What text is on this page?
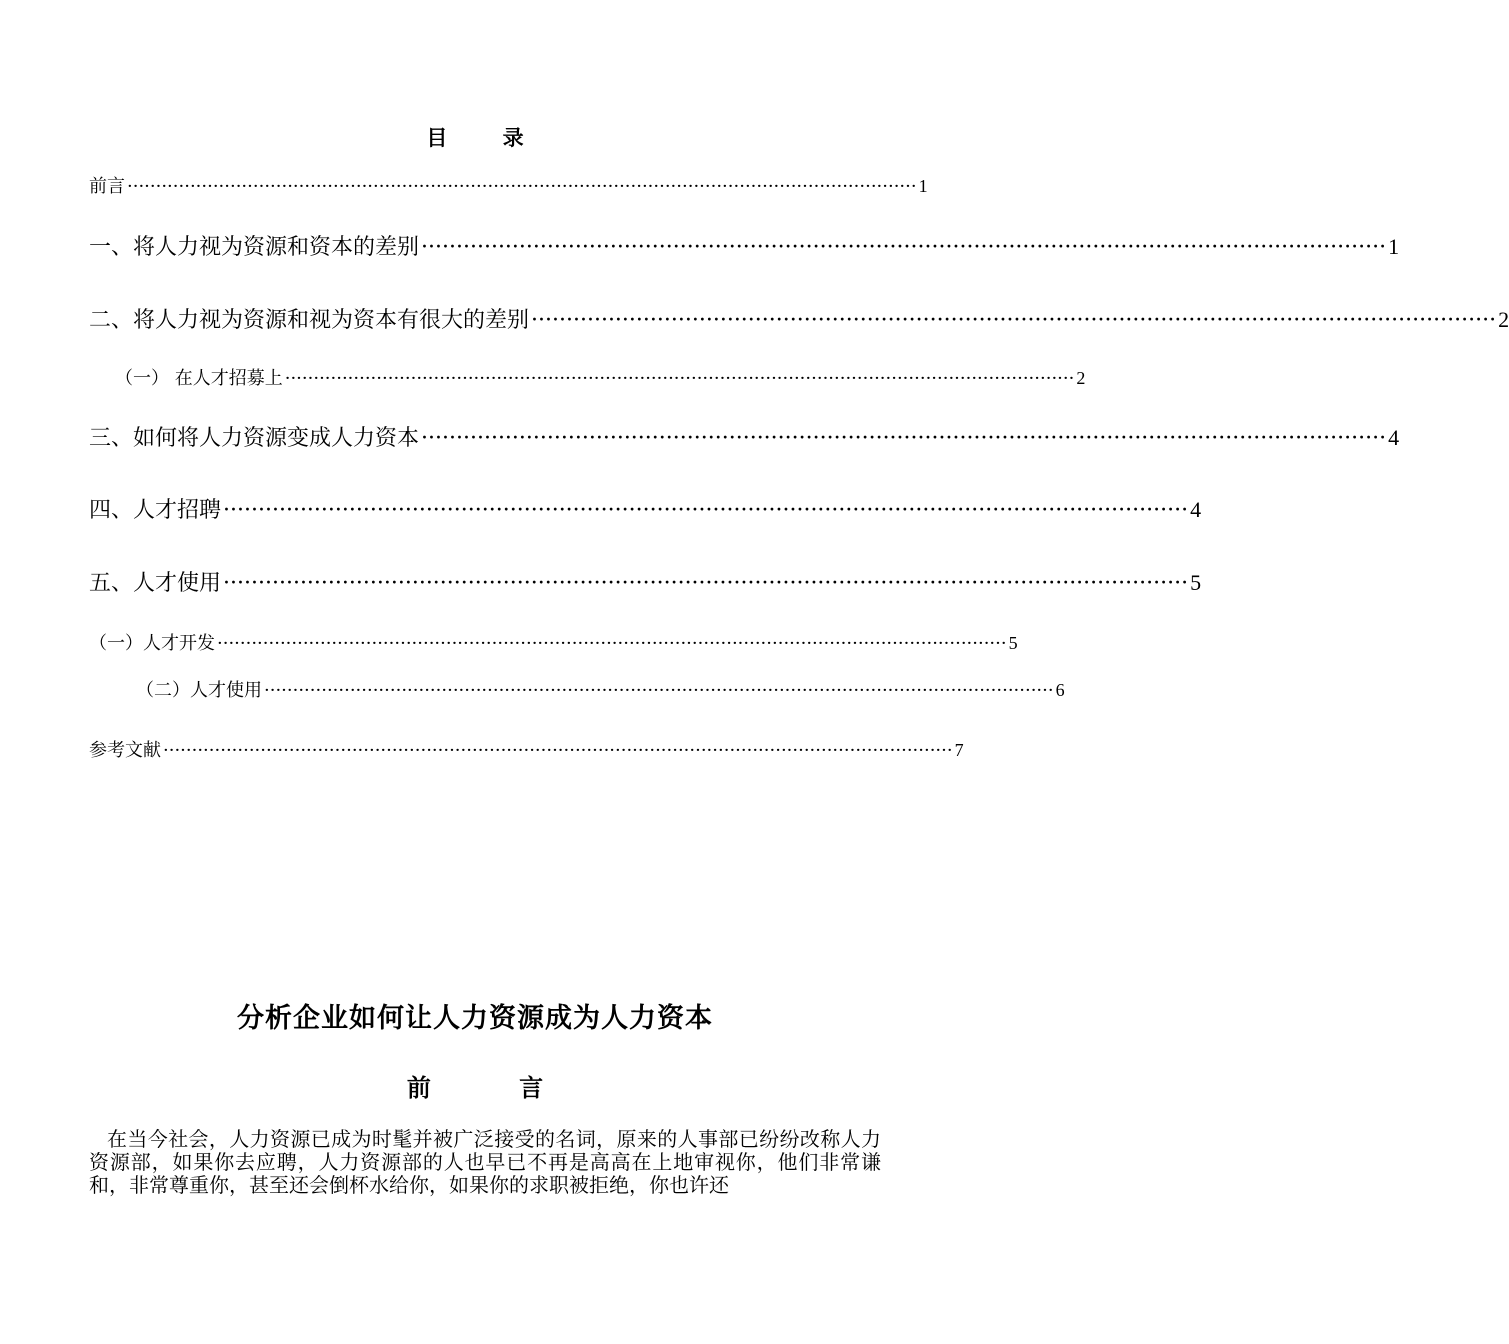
目 录
前言 ·········································································································································· 1
一、将人力视为资源和资本的差别 ·········································································································································· 1
二、将人力视为资源和视为资本有很大的差别 ·········································································································································· 2
（一） 在人才招募上 ·········································································································································· 2
三、如何将人力资源变成人力资本 ·········································································································································· 4
四、人才招聘 ·········································································································································· 4
五、人才使用 ·········································································································································· 5
（一）人才开发 ·········································································································································· 5
（二）人才使用 ·········································································································································· 6
参考文献 ·········································································································································· 7
分析企业如何让人力资源成为人力资本
前 言
在当今社会，人力资源已成为时髦并被广泛接受的名词，原来的人事部已纷纷改称人力资源部，如果你去应聘，人力资源部的人也早已不再是高高在上地审视你，他们非常谦和，非常尊重你，甚至还会倒杯水给你，如果你的求职被拒绝，你也许还
